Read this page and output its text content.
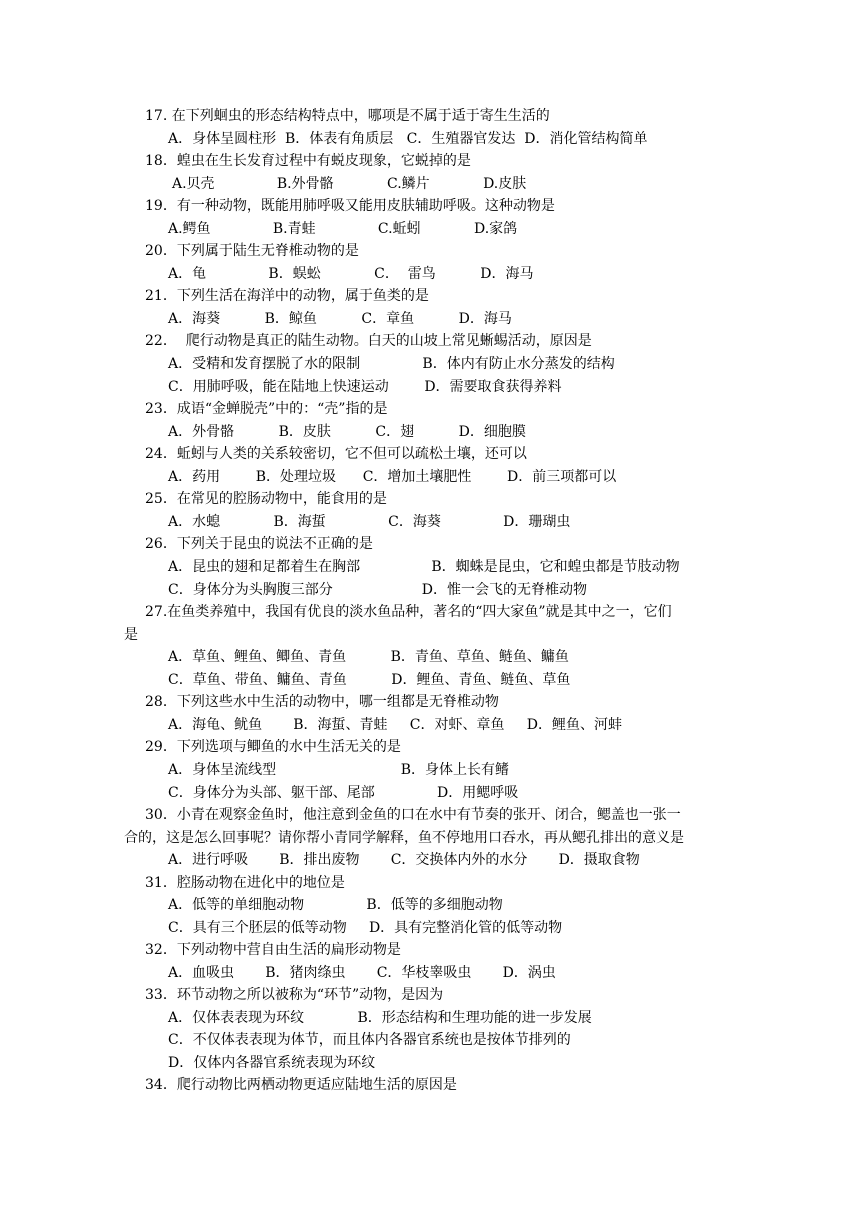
17. 在下列蛔虫的形态结构特点中，哪项是不属于适于寄生生活的
A．身体呈圆柱形  B．体表有角质层   C．生殖器官发达  D．消化管结构简单
18．蝗虫在生长发育过程中有蜕皮现象，它蜕掉的是
A.贝壳              B.外骨骼            C.鳞片            D.皮肤
19．有一种动物，既能用肺呼吸又能用皮肤辅助呼吸。这种动物是
A.鳄鱼              B.青蛙              C.蚯蚓            D.家鸽
20．下列属于陆生无脊椎动物的是
A．龟              B．蜈蚣            C．  雷鸟          D．海马
21．下列生活在海洋中的动物，属于鱼类的是
A．海葵          B．鲸鱼          C．章鱼          D．海马
22．  爬行动物是真正的陆生动物。白天的山坡上常见蜥蜴活动，原因是
A．受精和发育摆脱了水的限制              B．体内有防止水分蒸发的结构
C．用肺呼吸，能在陆地上快速运动        D．需要取食获得养料
23．成语“金蝉脱壳”中的：“壳”指的是
A．外骨骼          B．皮肤          C．翅          D．细胞膜
24．蚯蚓与人类的关系较密切，它不但可以疏松土壤，还可以
A．药用        B．处理垃圾      C．增加土壤肥性        D．前三项都可以
25．在常见的腔肠动物中，能食用的是
A．水螅            B．海蜇              C．海葵              D．珊瑚虫
26．下列关于昆虫的说法不正确的是
A．昆虫的翅和足都着生在胸部                B．蜘蛛是昆虫，它和蝗虫都是节肢动物
C．身体分为头胸腹三部分                    D．惟一会飞的无脊椎动物
27.在鱼类养殖中，我国有优良的淡水鱼品种，著名的“四大家鱼”就是其中之一，它们
是
A．草鱼、鲤鱼、鲫鱼、青鱼          B．青鱼、草鱼、鲢鱼、鳙鱼
C．草鱼、带鱼、鳙鱼、青鱼          D．鲤鱼、青鱼、鲢鱼、草鱼
28．下列这些水中生活的动物中，哪一组都是无脊椎动物
A．海龟、鱿鱼       B．海蜇、青蛙     C．对虾、章鱼     D．鲤鱼、河蚌
29．下列选项与鲫鱼的水中生活无关的是
A．身体呈流线型                            B．身体上长有鳍
C．身体分为头部、躯干部、尾部              D．用鳃呼吸
30．小青在观察金鱼时，他注意到金鱼的口在水中有节奏的张开、闭合，鳃盖也一张一
合的，这是怎么回事呢？请你帮小青同学解释，鱼不停地用口吞水，再从鳃孔排出的意义是
A．进行呼吸       B．排出废物       C．交换体内外的水分       D．摄取食物
31．腔肠动物在进化中的地位是
A．低等的单细胞动物              B．低等的多细胞动物
C．具有三个胚层的低等动物     D．具有完整消化管的低等动物
32．下列动物中营自由生活的扁形动物是
A．血吸虫       B．猪肉绦虫       C．华枝睾吸虫       D．涡虫
33．环节动物之所以被称为“环节”动物，是因为
A．仅体表表现为环纹            B．形态结构和生理功能的进一步发展
C．不仅体表表现为体节，而且体内各器官系统也是按体节排列的
D．仅体内各器官系统表现为环纹
34．爬行动物比两栖动物更适应陆地生活的原因是
